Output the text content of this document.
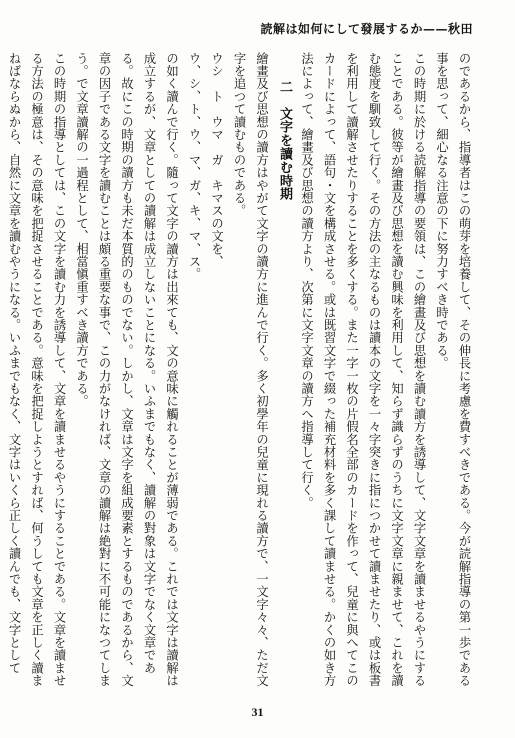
読解は如何にして發展するか——秋田

のであるから、指導者はこの萌芽を培養して、その伸長に考慮を費すべきである。今が読解指導の第一歩である事を思って、細心なる注意の下に努力すべき時である。

この時期に於ける読解指導の要領は、この繪畫及び思想を讀む讀方を誘導して、文字文章を讀ませるやうにすることである。彼等が繪畫及び思想を讀む興味を利用して、知らず識らずのうちに文字文章に親ませて、これを讀む態度を馴致して行く。その方法の主なるものは讀本の文字を一々字突きに指につかせて讀ませたり、或は板書を利用して讀解させたりすることを多くする。また一字一枚の片假名全部のカードを作って、兒童に與へてこのカードによって、語句・文を構成させる。或は既習文字で綴った補充材料を多く課して讀ませる。かくの如き方法によって、繪畫及び思想の讀方より、次第に文字文章の讀方へ指導して行く。

二　文字を讀む時期

繪畫及び思想の讀方はやがて文字の讀方に進んで行く。多く初學年の兒童に現れる讀方で、一文字々々、ただ文字を追つて讀むものである。

ウシ　ト　ウマ　ガ　キマスの文を、

ウ、シ、ト、ウ、マ、ガ、キ、マ、ス。

の如く讀んで行く。隨って文字の讀方は出來ても、文の意味に觸れることが薄弱である。これでは文字は讀解は成立するが、文章としての讀解は成立しないことになる。いふまでもなく、讀解の對象は文字でなく文章である。故にこの時期の讀方も未だ本質的のものでない。しかし、文章は文字を組成要素とするものであるから、文章の因子である文字を讀むことは頗る重要な事で、この力がなければ、文章の讀解は絶對に不可能になつてしまう。で文章讀解の一過程として、相當愼重すべき讀方である。

この時期の指導としては、この文字を讀む力を誘導して、文章を讀ませるやうにすることである。文章を讀ませる方法の極意は、その意味を把捉させることである。意味を把捉しようとすれば、何うしても文章を正しく讀まねばならぬから、自然に文章を讀むやうになる。いふまでもなく、文字はいくら正しく讀んでも、文字として

31
